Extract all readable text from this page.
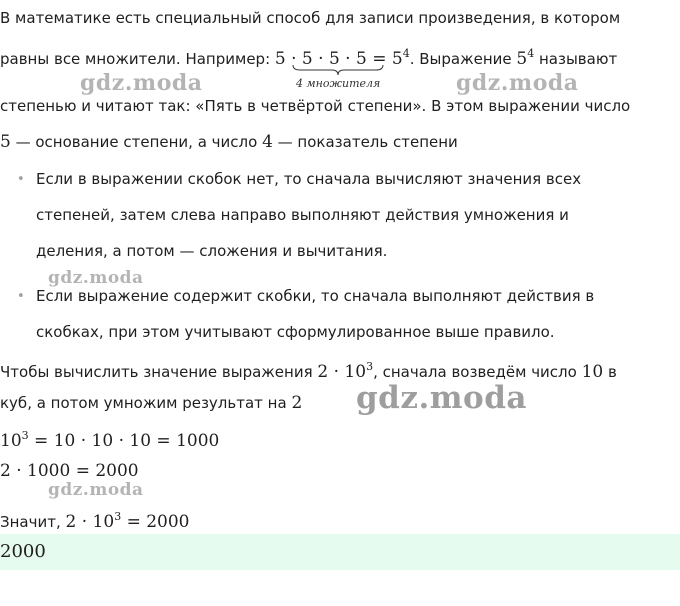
В математике есть специальный способ для записи произведения, в котором
равны все множители. Например: $5 \cdot 5 \cdot 5 \cdot 5 = 5^4$. Выражение $5^4$ называют
4 множителя
gdz.moda	gdz.moda
степенью и читают так: «Пять в четвёртой степени». В этом выражении число
5 — основание степени, а число 4 — показатель степени
• Если в выражении скобок нет, то сначала вычисляют значения всех
степеней, затем слева направо выполняют действия умножения и
деления, а потом — сложения и вычитания.
gdz.moda
• Если выражение содержит скобки, то сначала выполняют действия в
скобках, при этом учитывают сформулированное выше правило.
Чтобы вычислить значение выражения $2 \cdot 10^3$, сначала возведём число 10 в
куб, а потом умножим результат на 2 gdz.moda
$10^3 = 10 \cdot 10 \cdot 10 = 1000$
2 · 1000 = 2000
gdz.moda
Значит, $2 \cdot 10^3 = 2000$
2000
